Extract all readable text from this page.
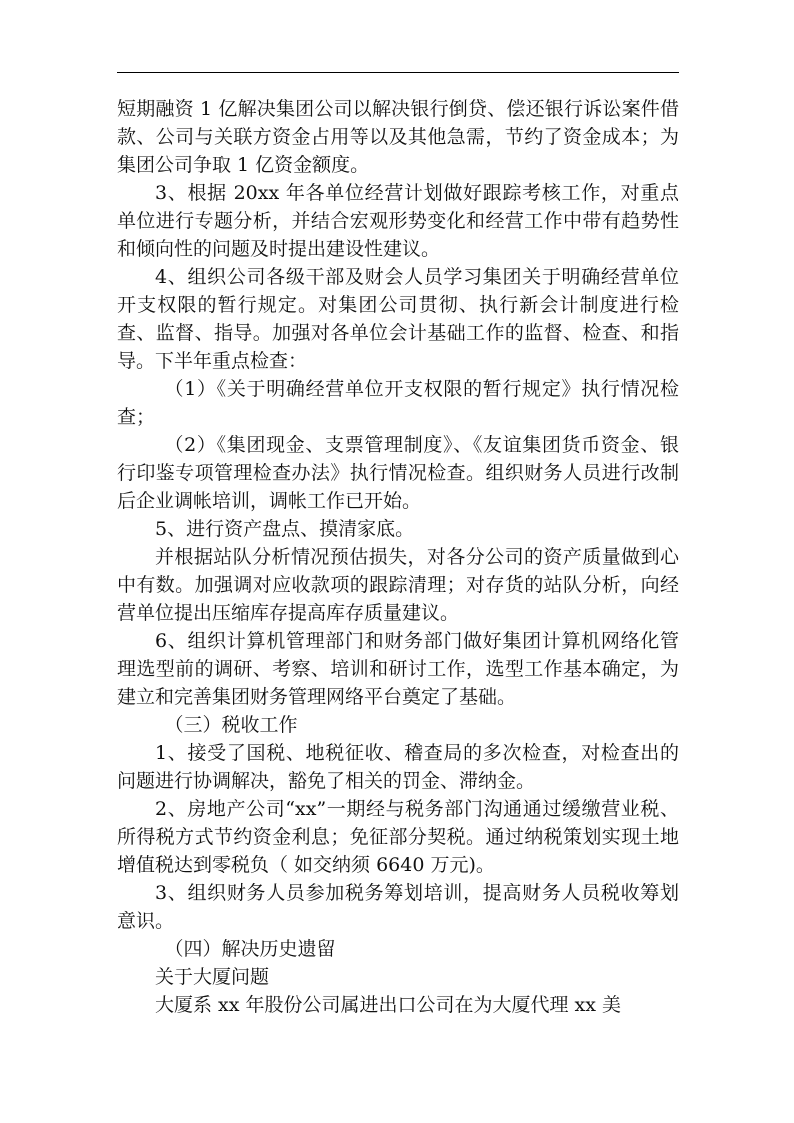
短期融资 1 亿解决集团公司以解决银行倒贷、偿还银行诉讼案件借款、公司与关联方资金占用等以及其他急需，节约了资金成本；为集团公司争取 1 亿资金额度。

3、根据 20xx 年各单位经营计划做好跟踪考核工作，对重点单位进行专题分析，并结合宏观形势变化和经营工作中带有趋势性和倾向性的问题及时提出建设性建议。

4、组织公司各级干部及财会人员学习集团关于明确经营单位开支权限的暂行规定。对集团公司贯彻、执行新会计制度进行检查、监督、指导。加强对各单位会计基础工作的监督、检查、和指导。下半年重点检查：

（1）《关于明确经营单位开支权限的暂行规定》执行情况检查；

（2）《集团现金、支票管理制度》、《友谊集团货币资金、银行印鉴专项管理检查办法》执行情况检查。组织财务人员进行改制后企业调帐培训，调帐工作已开始。

5、进行资产盘点、摸清家底。

并根据站队分析情况预估损失，对各分公司的资产质量做到心中有数。加强调对应收款项的跟踪清理；对存货的站队分析，向经营单位提出压缩库存提高库存质量建议。

6、组织计算机管理部门和财务部门做好集团计算机网络化管理选型前的调研、考察、培训和研讨工作，选型工作基本确定，为建立和完善集团财务管理网络平台奠定了基础。

（三）税收工作

1、接受了国税、地税征收、稽查局的多次检查，对检查出的问题进行协调解决，豁免了相关的罚金、滞纳金。

2、房地产公司“xx”一期经与税务部门沟通通过缓缴营业税、所得税方式节约资金利息；免征部分契税。通过纳税策划实现土地增值税达到零税负（ 如交纳须 6640 万元)。

3、组织财务人员参加税务筹划培训，提高财务人员税收筹划意识。

（四）解决历史遗留

关于大厦问题

大厦系 xx 年股份公司属进出口公司在为大厦代理 xx 美
